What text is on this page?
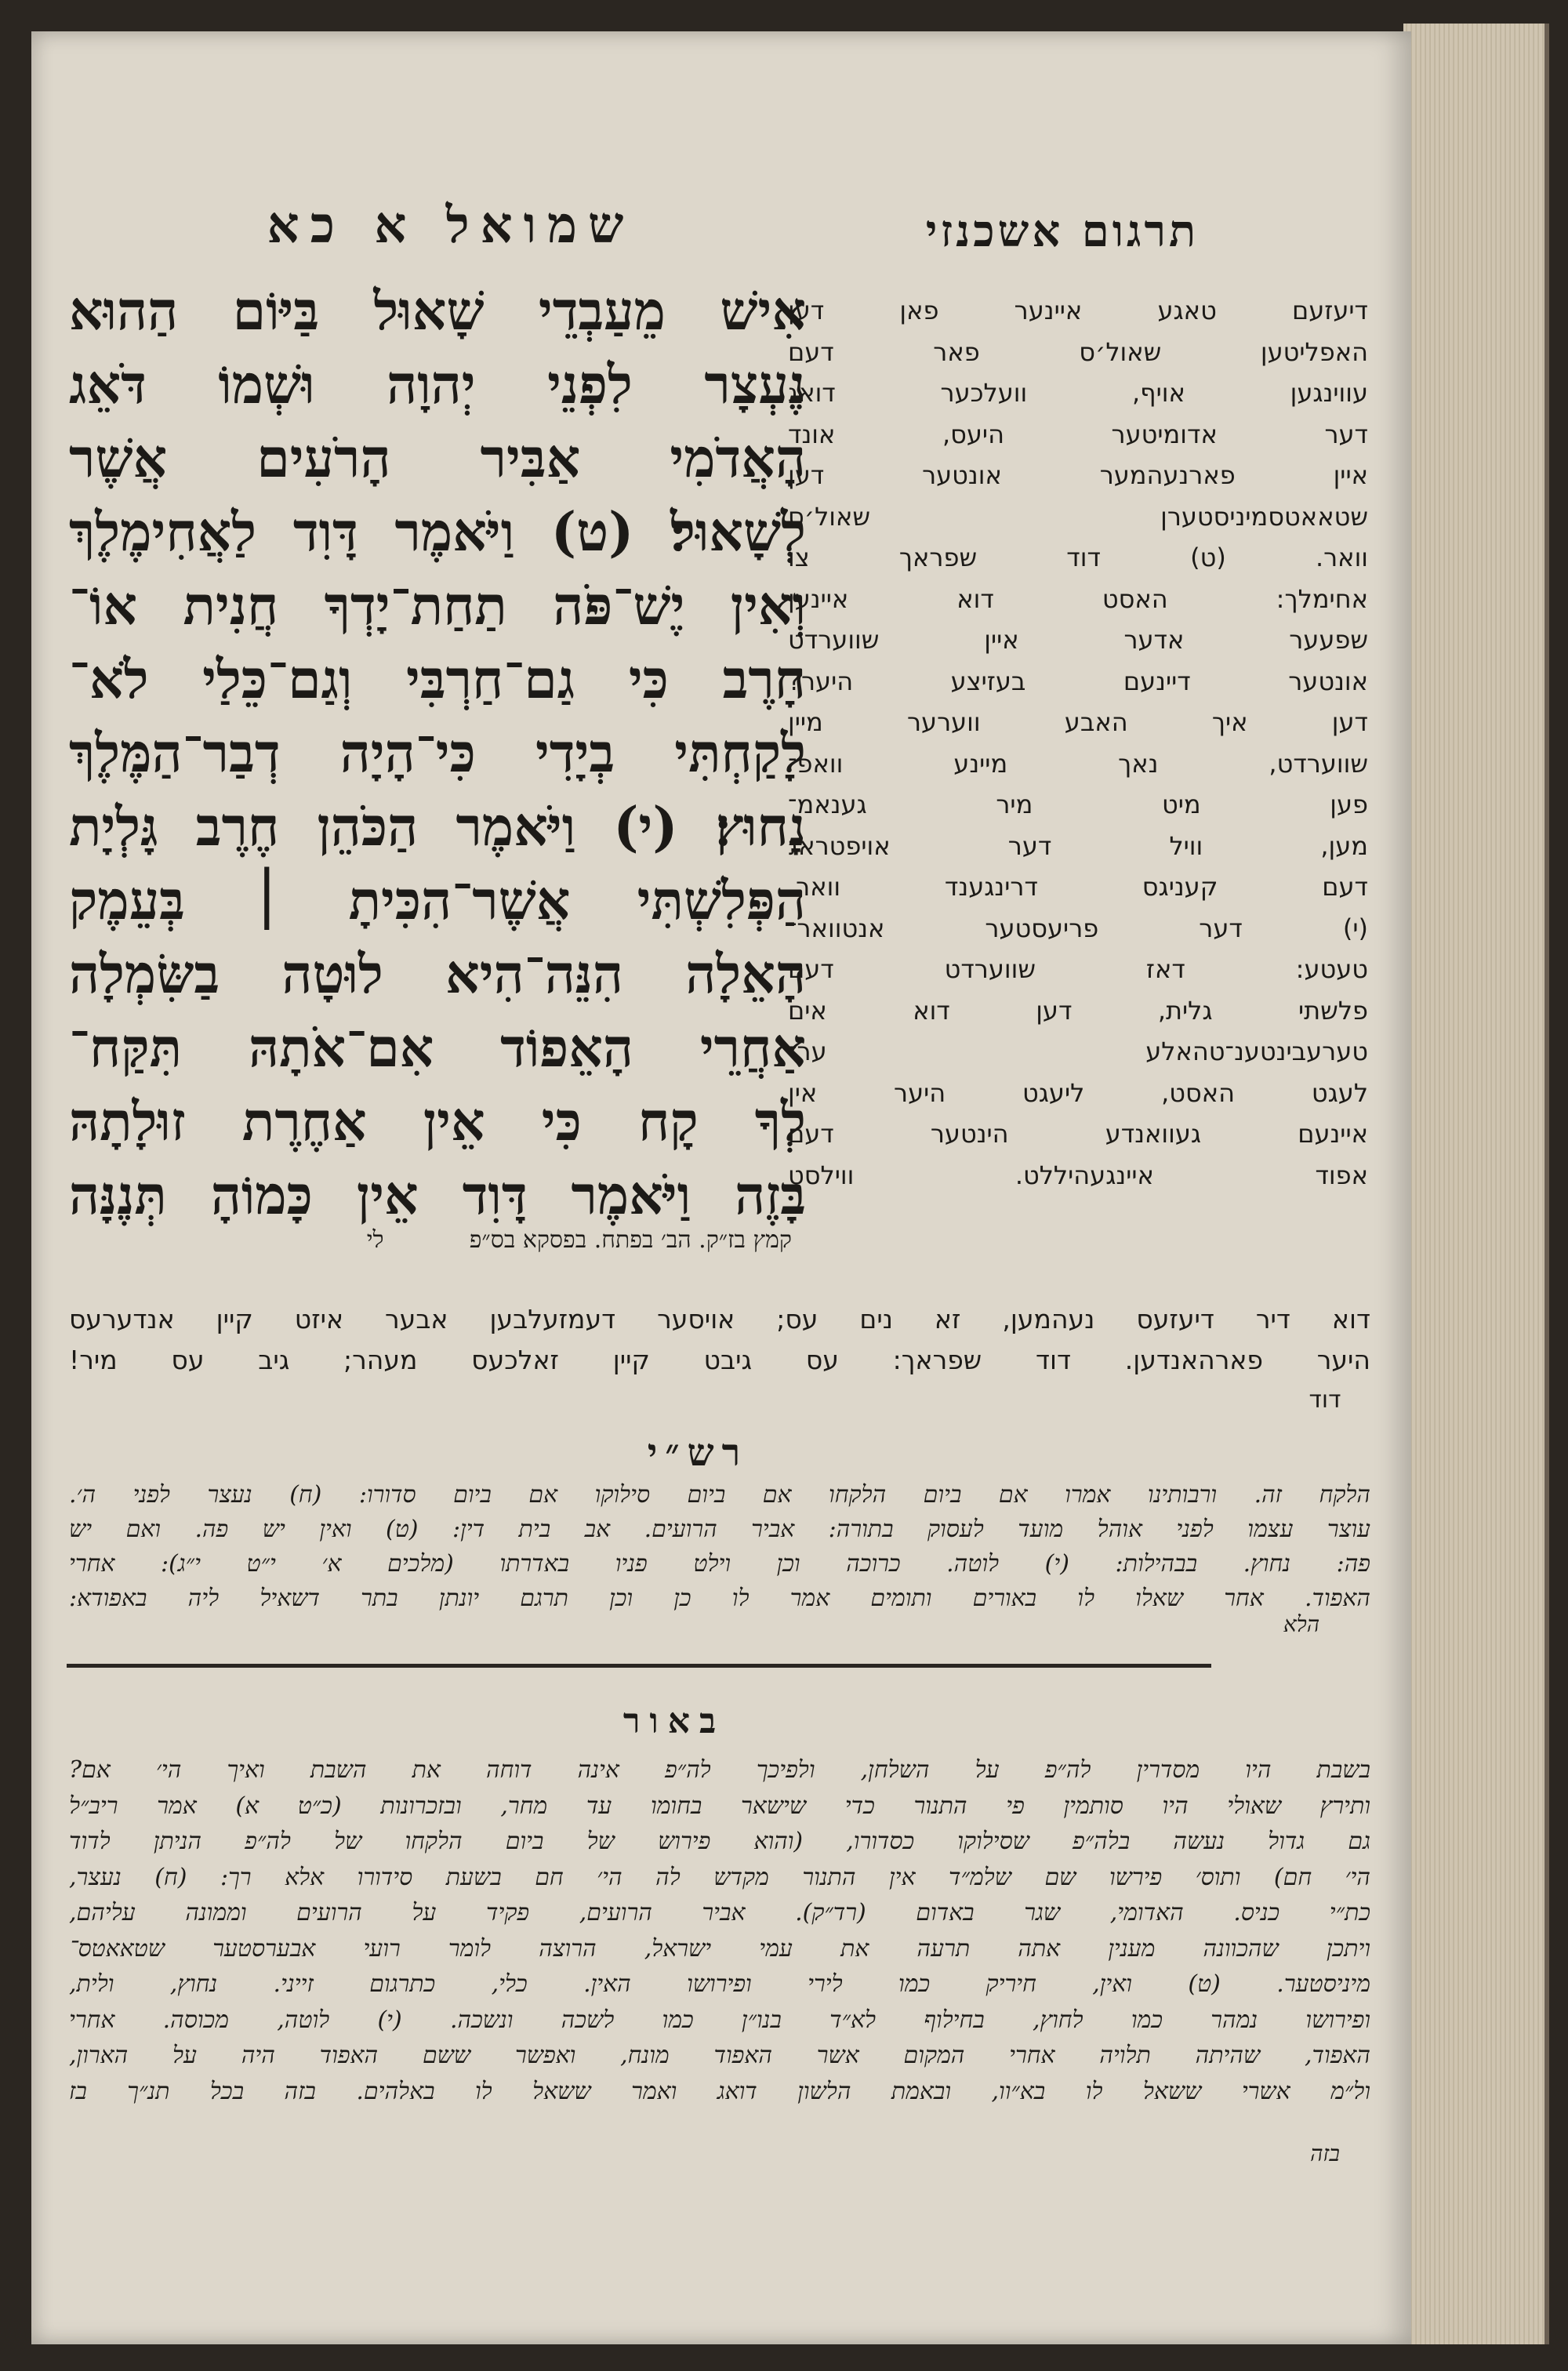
שמואל א כא	תרגום אשכנזי
אִישׁ מֵעַבְדֵי שָׁאוּל בַּיּוֹם הַהוּא
נֶעְצָר לִפְנֵי יְהוָה וּשְׁמוֹ דֹּאֵג
הָאֲדֹמִי אַבִּיר הָרֹעִים אֲשֶׁר
לְשָׁאוּל׃ (ט) וַיֹּאמֶר דָּוִד לַאֲחִימֶלֶךְ
וְאִין יֶשׁ־פֹּה תַחַת־יָדְךָ חֲנִית אוֹ־
חָרֶב כִּי גַם־חַרְבִּי וְגַם־כֵּלַי לֹא־
לָקַחְתִּי בְיָדִי כִּי־הָיָה דְבַר־הַמֶּלֶךְ
נָחוּץ׃ (י) וַיֹּאמֶר הַכֹּהֵן חֶרֶב גָּלְיָת
הַפְּלִשְׁתִּי אֲשֶׁר־הִכִּיתָ ׀ בְּעֵמֶק
הָאֵלָה הִנֵּה־הִיא לוּטָה בַשִּׂמְלָה
אַחֲרֵי הָאֵפוֹד אִם־אֹתָהּ תִּקַּח־
לְךָ קָח כִּי אֵין אַחֶרֶת זוּלָתָהּ
בָּזֶה וַיֹּאמֶר דָּוִד אֵין כָּמוֹהָ תְּנֶנָּה
קמץ בז״ק. הב׳ בפתח. בפסקא בס״פ  לי
דיעזעם טאגע איינער פאן דען
האפליטען שאול׳ס פאר דעם
עווינגען אויף, וועלכער דואג
דער אדומיטער היעס, אונד
איין פארנעהמער אונטער דען
שטאאטסמיניסטערן שאול׳ס
וואר. (ט) דוד שפראך צו
אחימלך: האסט דוא איינען
שפעער אדער איין שווערדט
אונטער דיינעם בעזיצע היער?
דען איך האבע ווערער מיין
שווערדט, נאך מיינע וואפ־
פען מיט מיר גענאמ־
מען, וויל דער אויפטראג
דעם קעניגס דרינגענד וואר.
(י) דער פריעסטער אנטוואר־
טעטע: דאז שווערדט דעם
פלשתי גלית, דען דוא אים
טערעבינטענ־טהאלע ער־
לעגט האסט, ליעגט היער אין
איינעם געוואנדע הינטער דעם
אפוד איינגעהיללט. ווילסט
דוא דיר דיעזעס נעהמען, זא נים עס; אויסער דעמזעלבען אבער איזט קיין אנדערעס
היער פארהאנדען. דוד שפראך: עס גיבט קיין זאלכעס מעהר; גיב עס מיר!
דוד
רש״י
הלקח זה. ורבותינו אמרו אם ביום הלקחו אם ביום סילוקו אם ביום סדורו: (ח) נעצר לפני ה׳.
עוצר עצמו לפני אוהל מועד לעסוק בתורה: אביר הרועים. אב בית דין: (ט) ואין יש פה. ואם יש
פה: נחוץ. בבהילות: (י) לוטה. כרוכה וכן וילט פניו באדרתו (מלכים א׳ י״ט י״ג): אחרי
האפוד. אחר שאלו לו באורים ותומים אמר לו כן וכן תרגם יונתן בתר דשאיל ליה באפודא:
הלא
באור
בשבת היו מסדרין לה״פ על השלחן, ולפיכך לה״פ אינה דוחה את השבת ואיך הי׳ אם?
ותירץ שאולי היו סותמין פי התנור כדי שישאר בחומו עד מחר, ובזכרונות (כ״ט א) אמר ריב״ל
גם גדול נעשה בלה״פ שסילוקו כסדורו, (והוא פירוש של ביום הלקחו של לה״פ הניתן לדוד
הי׳ חם) ותוס׳ פירשו שם שלמ״ד אין התנור מקדש לה הי׳ חם בשעת סידורו אלא רך: (ח) נעצר,
כת״י כניס. האדומי, שגר באדום (רד״ק). אביר הרועים, פקיד על הרועים וממונה עליהם,
ויתכן שהכוונה מענין אתה תרעה את עמי ישראל, הרוצה לומר רועי אבערסטער שטאאטס־
מיניסטער. (ט) ואין, חיריק כמו לירי ופירושו האין. כלי, כתרגום זייני. נחוץ, ולית,
ופירושו נמהר כמו לחוץ, בחילוף לא״ד בנו״ן כמו לשכה ונשכה. (י) לוטה, מכוסה. אחרי
האפוד, שהיתה תלויה אחרי המקום אשר האפוד מונח, ואפשר ששם האפוד היה על הארון,
ול״מ אשרי ששאל לו בא״וו, ובאמת הלשון דואג ואמר ששאל לו באלהים. בזה בכל תנ״ך בז
בזה
